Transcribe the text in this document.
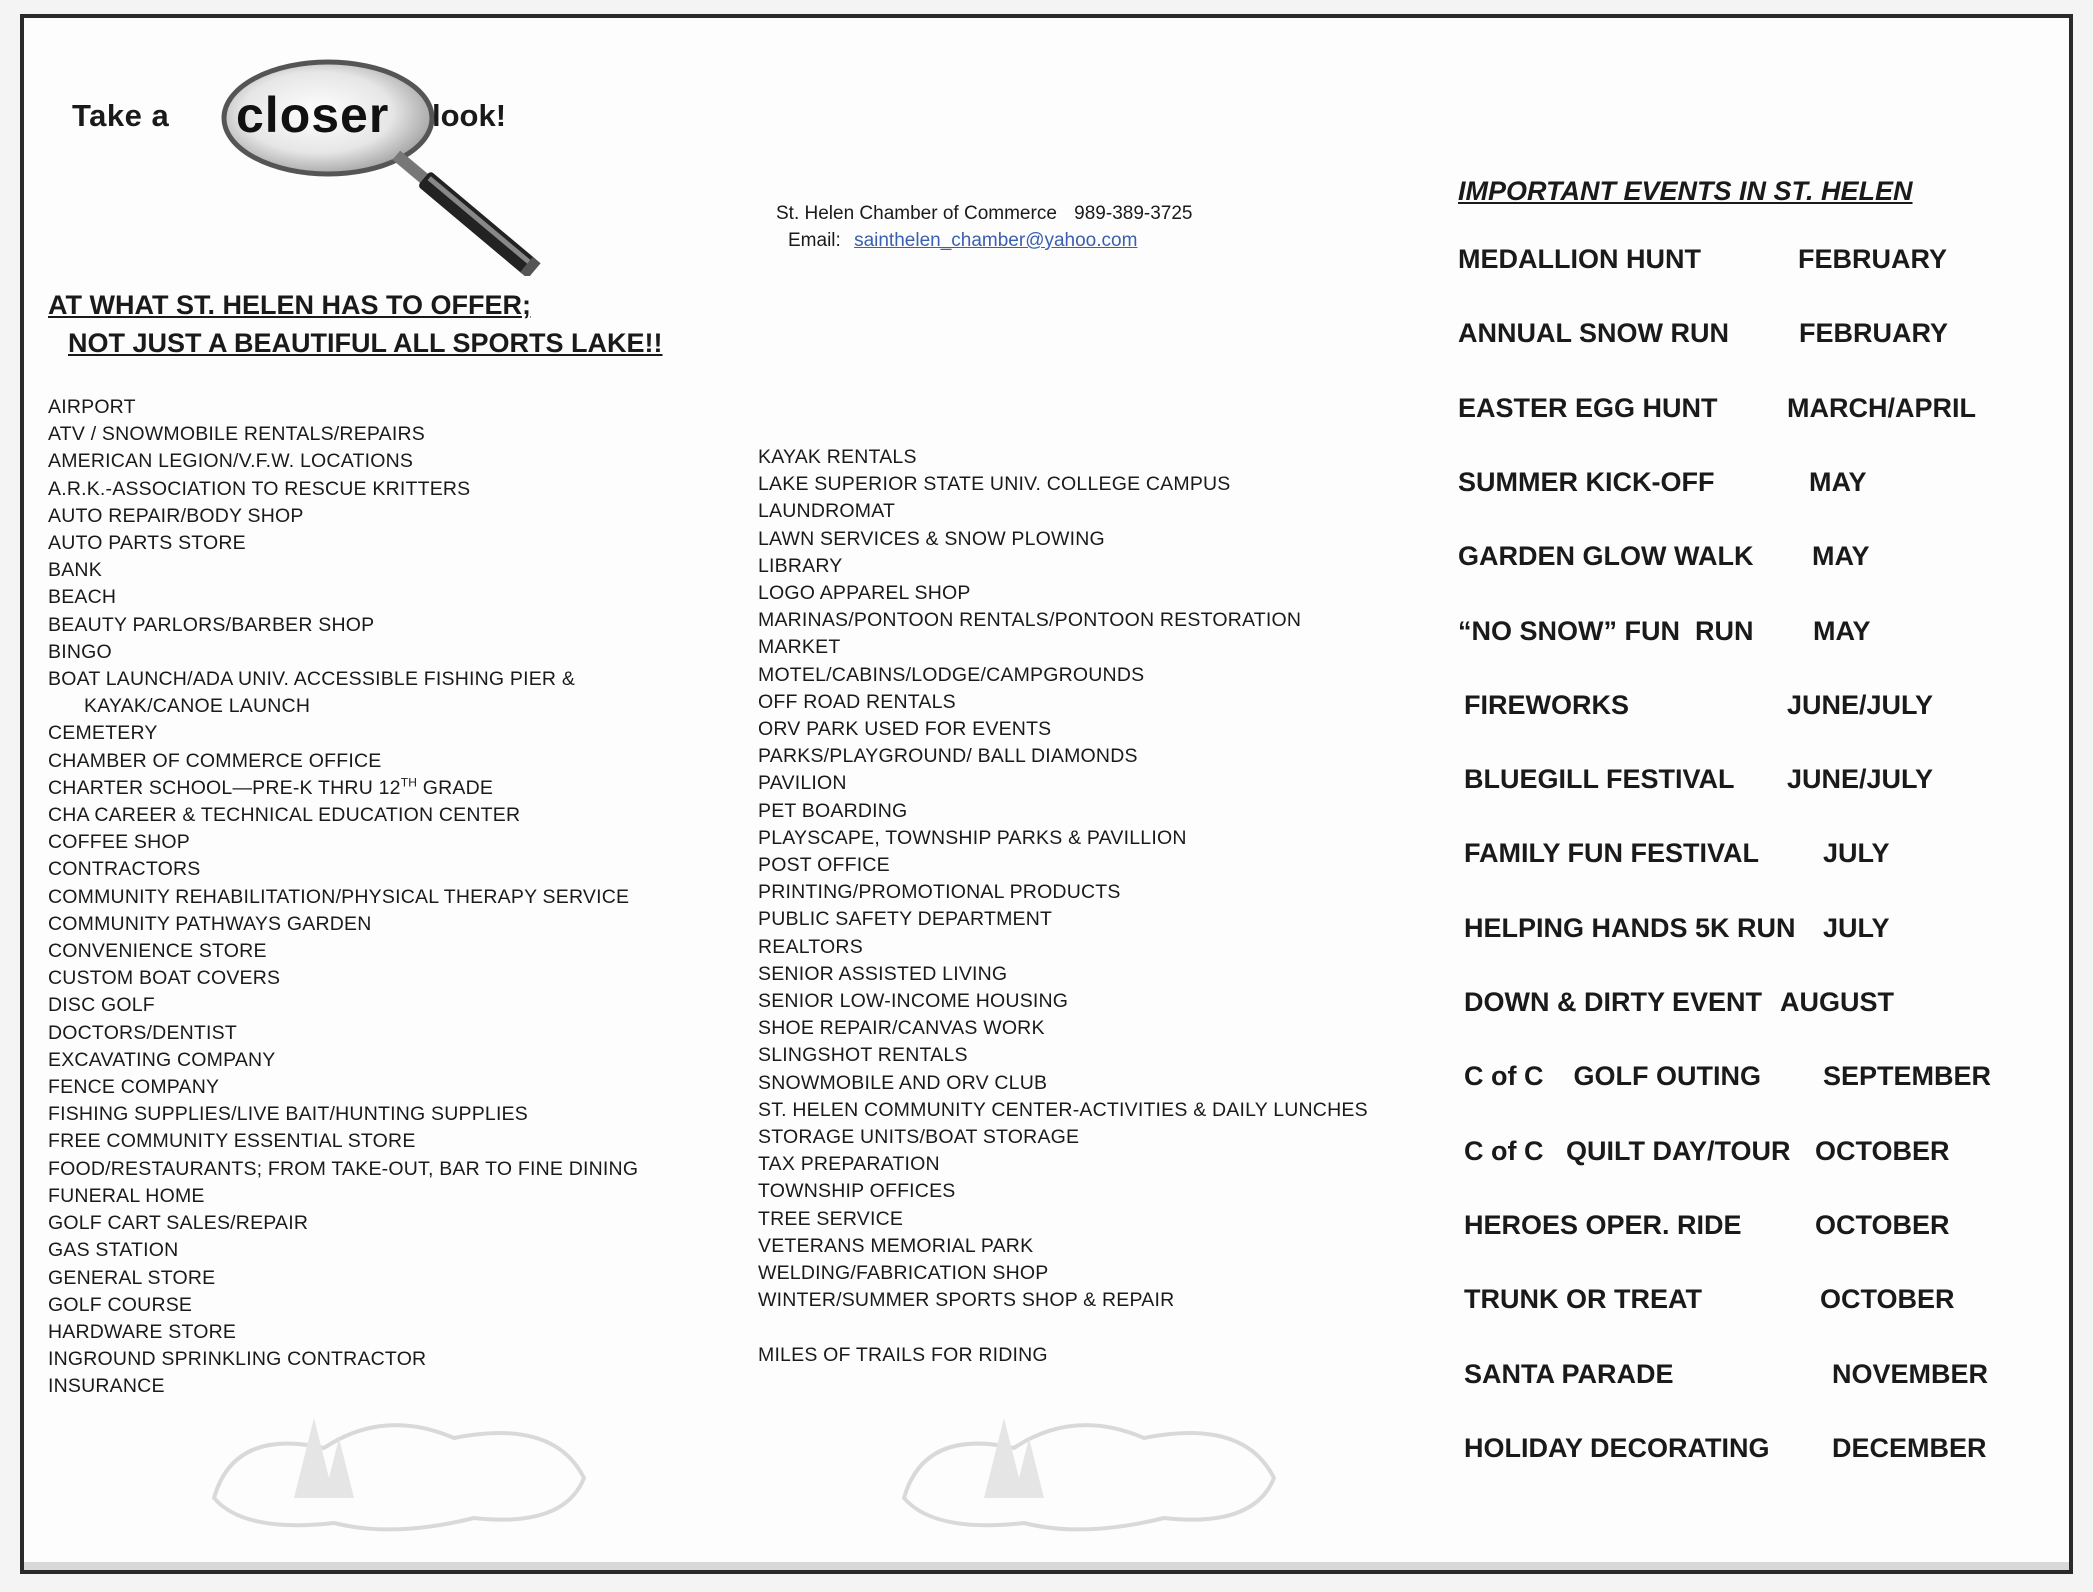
Take a closer look!
St. Helen Chamber of Commerce 989-389-3725
Email: sainthelen_chamber@yahoo.com
AT WHAT ST. HELEN HAS TO OFFER;
NOT JUST A BEAUTIFUL ALL SPORTS LAKE!!
AIRPORT
ATV / SNOWMOBILE RENTALS/REPAIRS
AMERICAN LEGION/V.F.W. LOCATIONS
A.R.K.-ASSOCIATION TO RESCUE KRITTERS
AUTO REPAIR/BODY SHOP
AUTO PARTS STORE
BANK
BEACH
BEAUTY PARLORS/BARBER SHOP
BINGO
BOAT LAUNCH/ADA UNIV. ACCESSIBLE FISHING PIER &
KAYAK/CANOE LAUNCH
CEMETERY
CHAMBER OF COMMERCE OFFICE
CHARTER SCHOOL—PRE-K THRU 12TH GRADE
CHA CAREER & TECHNICAL EDUCATION CENTER
COFFEE SHOP
CONTRACTORS
COMMUNITY REHABILITATION/PHYSICAL THERAPY SERVICE
COMMUNITY PATHWAYS GARDEN
CONVENIENCE STORE
CUSTOM BOAT COVERS
DISC GOLF
DOCTORS/DENTIST
EXCAVATING COMPANY
FENCE COMPANY
FISHING SUPPLIES/LIVE BAIT/HUNTING SUPPLIES
FREE COMMUNITY ESSENTIAL STORE
FOOD/RESTAURANTS; FROM TAKE-OUT, BAR TO FINE DINING
FUNERAL HOME
GOLF CART SALES/REPAIR
GAS STATION
GENERAL STORE
GOLF COURSE
HARDWARE STORE
INGROUND SPRINKLING CONTRACTOR
INSURANCE
KAYAK RENTALS
LAKE SUPERIOR STATE UNIV. COLLEGE CAMPUS
LAUNDROMAT
LAWN SERVICES & SNOW PLOWING
LIBRARY
LOGO APPAREL SHOP
MARINAS/PONTOON RENTALS/PONTOON RESTORATION
MARKET
MOTEL/CABINS/LODGE/CAMPGROUNDS
OFF ROAD RENTALS
ORV PARK USED FOR EVENTS
PARKS/PLAYGROUND/ BALL DIAMONDS
PAVILION
PET BOARDING
PLAYSCAPE, TOWNSHIP PARKS & PAVILLION
POST OFFICE
PRINTING/PROMOTIONAL PRODUCTS
PUBLIC SAFETY DEPARTMENT
REALTORS
SENIOR ASSISTED LIVING
SENIOR LOW-INCOME HOUSING
SHOE REPAIR/CANVAS WORK
SLINGSHOT RENTALS
SNOWMOBILE AND ORV CLUB
ST. HELEN COMMUNITY CENTER-ACTIVITIES & DAILY LUNCHES
STORAGE UNITS/BOAT STORAGE
TAX PREPARATION
TOWNSHIP OFFICES
TREE SERVICE
VETERANS MEMORIAL PARK
WELDING/FABRICATION SHOP
WINTER/SUMMER SPORTS SHOP & REPAIR
MILES OF TRAILS FOR RIDING
IMPORTANT EVENTS IN ST. HELEN
MEDALLION HUNT	FEBRUARY
ANNUAL SNOW RUN	FEBRUARY
EASTER EGG HUNT	MARCH/APRIL
SUMMER KICK-OFF	MAY
GARDEN GLOW WALK MAY
“NO SNOW” FUN  RUN MAY
FIREWORKS	JUNE/JULY
BLUEGILL FESTIVAL JUNE/JULY
FAMILY FUN FESTIVAL JULY
HELPING HANDS 5K RUN JULY
DOWN & DIRTY EVENT AUGUST
C of C    GOLF OUTING SEPTEMBER
C of C   QUILT DAY/TOUR OCTOBER
HEROES OPER. RIDE	OCTOBER
TRUNK OR TREAT	OCTOBER
SANTA PARADE	NOVEMBER
HOLIDAY DECORATING DECEMBER
